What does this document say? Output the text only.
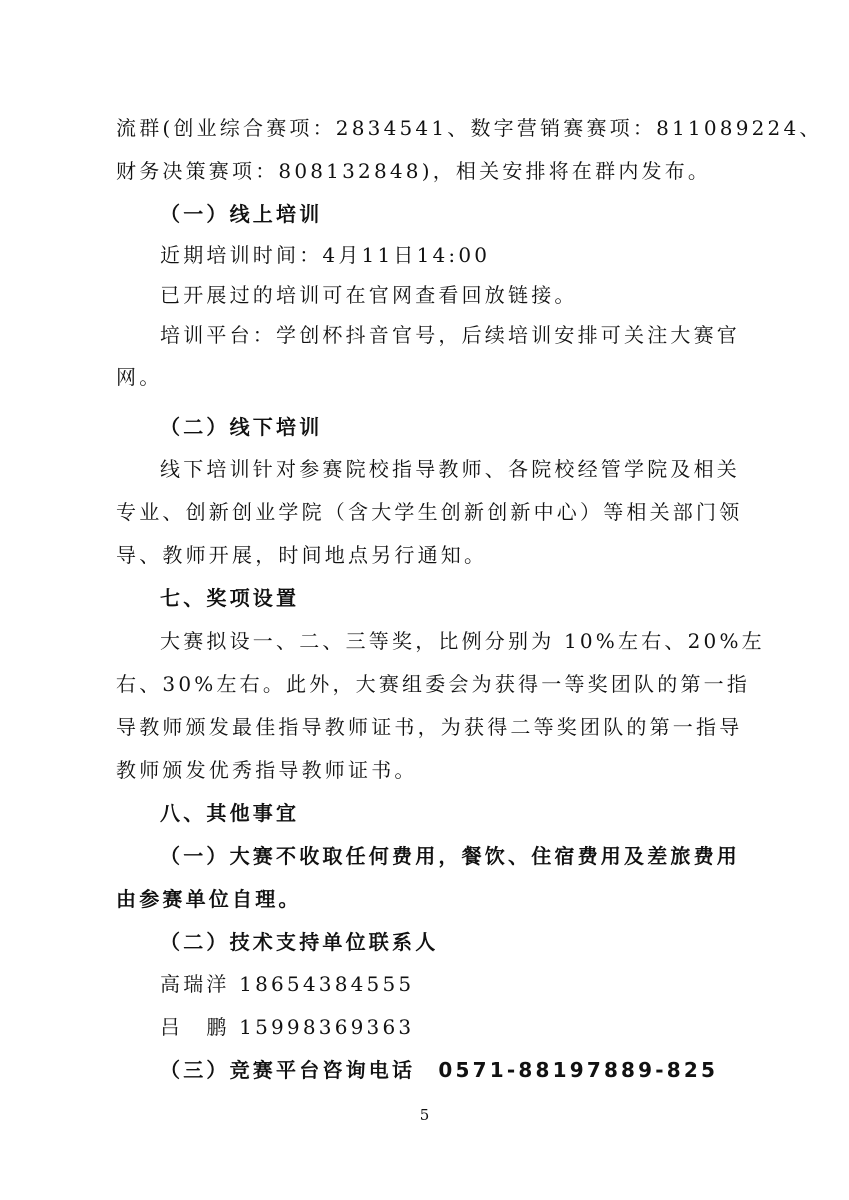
流群(创业综合赛项：2834541、数字营销赛赛项：811089224、
财务决策赛项：808132848)，相关安排将在群内发布。
（一）线上培训
近期培训时间：4月11日14:00
已开展过的培训可在官网查看回放链接。
培训平台：学创杯抖音官号，后续培训安排可关注大赛官
网。
（二）线下培训
线下培训针对参赛院校指导教师、各院校经管学院及相关
专业、创新创业学院（含大学生创新创新中心）等相关部门领
导、教师开展，时间地点另行通知。
七、奖项设置
大赛拟设一、二、三等奖，比例分别为 10%左右、20%左
右、30%左右。此外，大赛组委会为获得一等奖团队的第一指
导教师颁发最佳指导教师证书，为获得二等奖团队的第一指导
教师颁发优秀指导教师证书。
八、其他事宜
（一）大赛不收取任何费用，餐饮、住宿费用及差旅费用
由参赛单位自理。
（二）技术支持单位联系人
高瑞洋 18654384555
吕　鹏 15998369363
（三）竞赛平台咨询电话　0571-88197889-825
5
